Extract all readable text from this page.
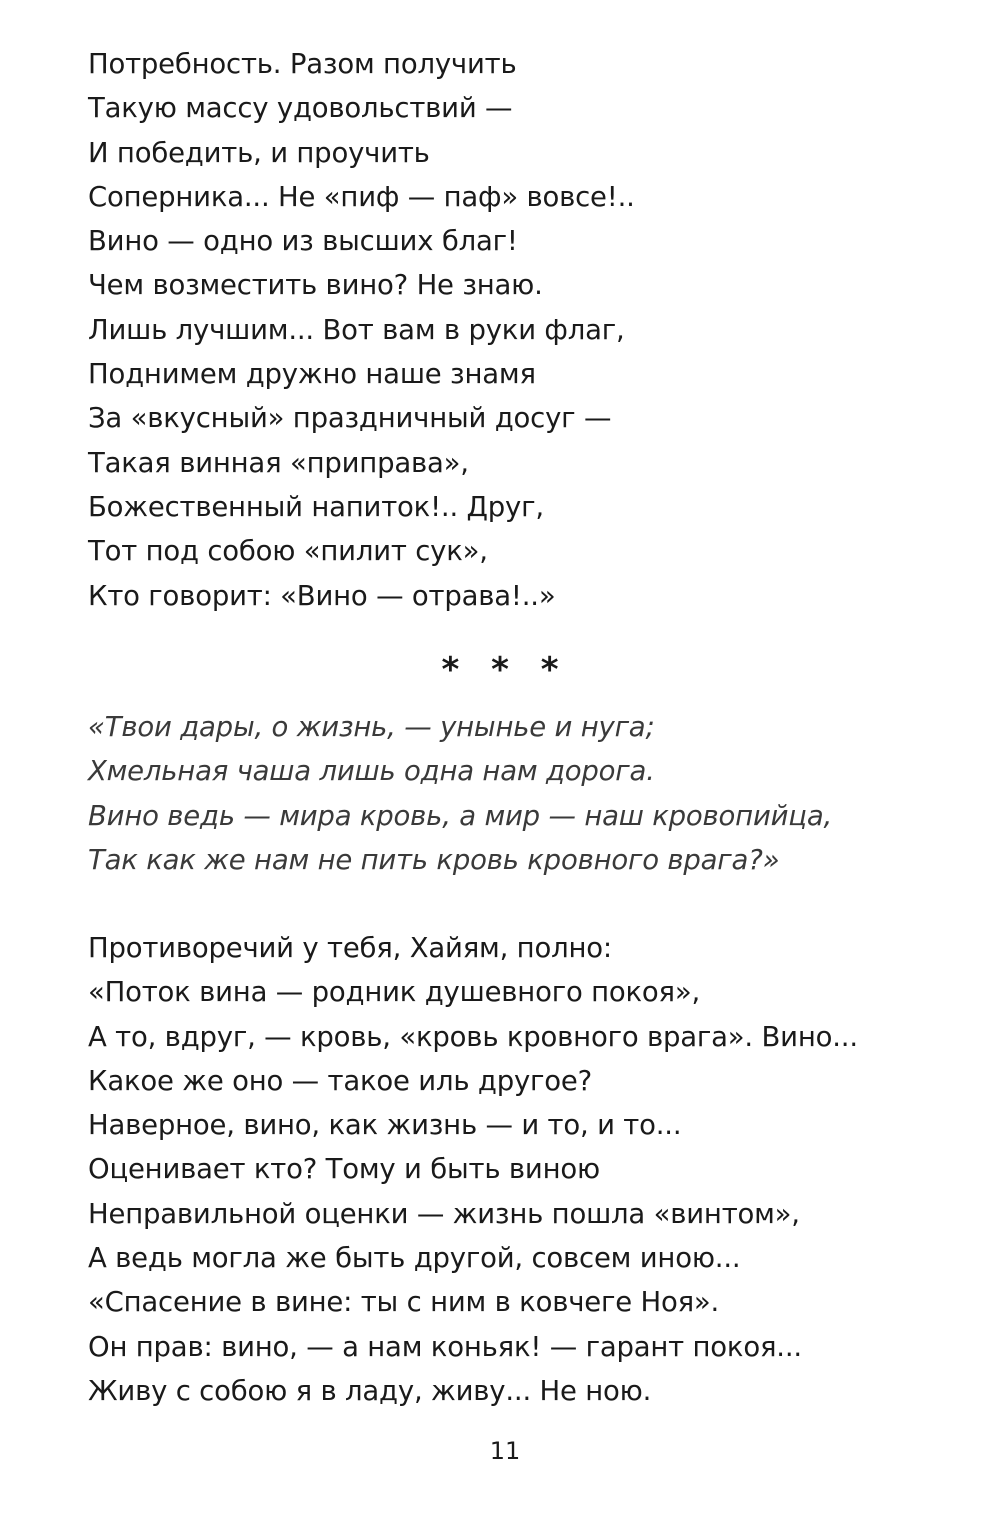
Потребность. Разом получить
Такую массу удовольствий —
И победить, и проучить
Соперника... Не «пиф — паф» вовсе!..
Вино — одно из высших благ!
Чем возместить вино? Не знаю.
Лишь лучшим... Вот вам в руки флаг,
Поднимем дружно наше знамя
За «вкусный» праздничный досуг —
Такая винная «приправа»,
Божественный напиток!.. Друг,
Тот под собою «пилит сук»,
Кто говорит: «Вино — отрава!..»
* * *
«Твои дары, о жизнь, — унынье и нуга;
Хмельная чаша лишь одна нам дорога.
Вино ведь — мира кровь, а мир — наш кровопийца,
Так как же нам не пить кровь кровного врага?»
Противоречий у тебя, Хайям, полно:
«Поток вина — родник душевного покоя»,
А то, вдруг, — кровь, «кровь кровного врага». Вино...
Какое же оно — такое иль другое?
Наверное, вино, как жизнь — и то, и то...
Оценивает кто? Тому и быть виною
Неправильной оценки — жизнь пошла «винтом»,
А ведь могла же быть другой, совсем иною...
«Спасение в вине: ты с ним в ковчеге Ноя».
Он прав: вино, — а нам коньяк! — гарант покоя...
Живу с собою я в ладу, живу... Не ною.
11
